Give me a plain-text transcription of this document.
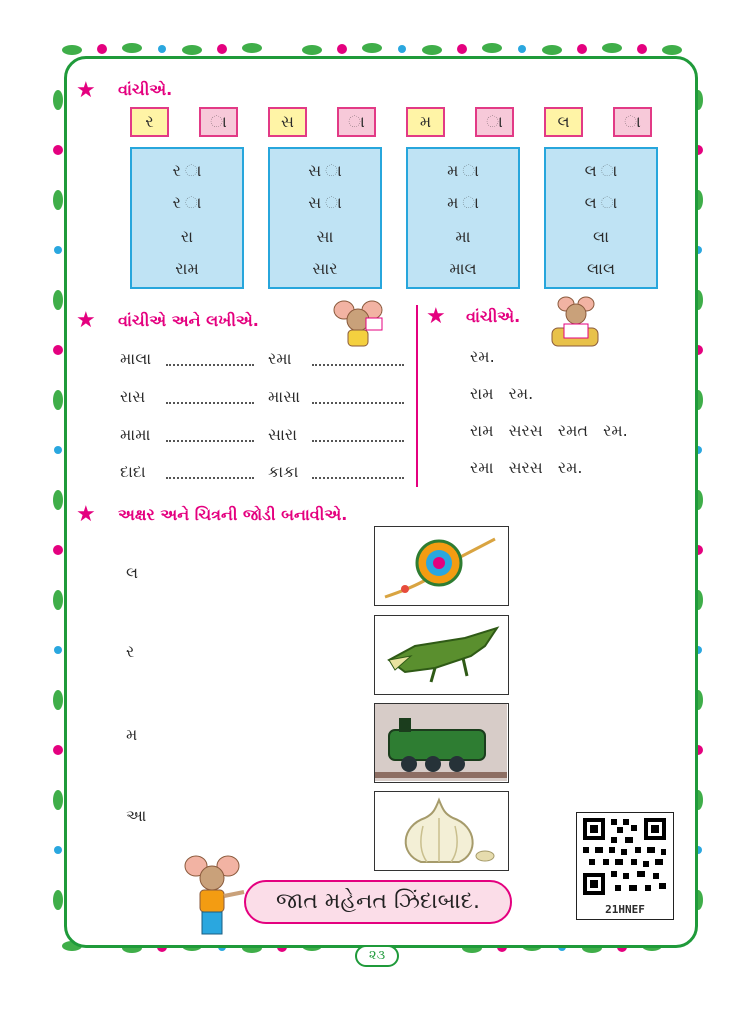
★ વાંચીએ.
ર	ા	સ	ા	મ	ા	લ	ા
ર ા
ર ા
રા
રામ
સ ા
સ ા
સા
સાર
મ ા
મ ા
મા
માલ
લ ા
લ ા
લા
લાલ
★ વાંચીએ અને લખીએ.
માલા	રમા
રાસ	માસા
મામા	સારા
દાદા	કાકા
★ વાંચીએ.
રમ.
રામ રમ.
રામ સરસ રમત રમ.
રમા સરસ રમ.
★ અક્ષર અને ચિત્રની જોડી બનાવીએ.
લ
ર
મ
આ
21HNEF
જાત મહેનત ઝિંદાબાદ.
૨૩
